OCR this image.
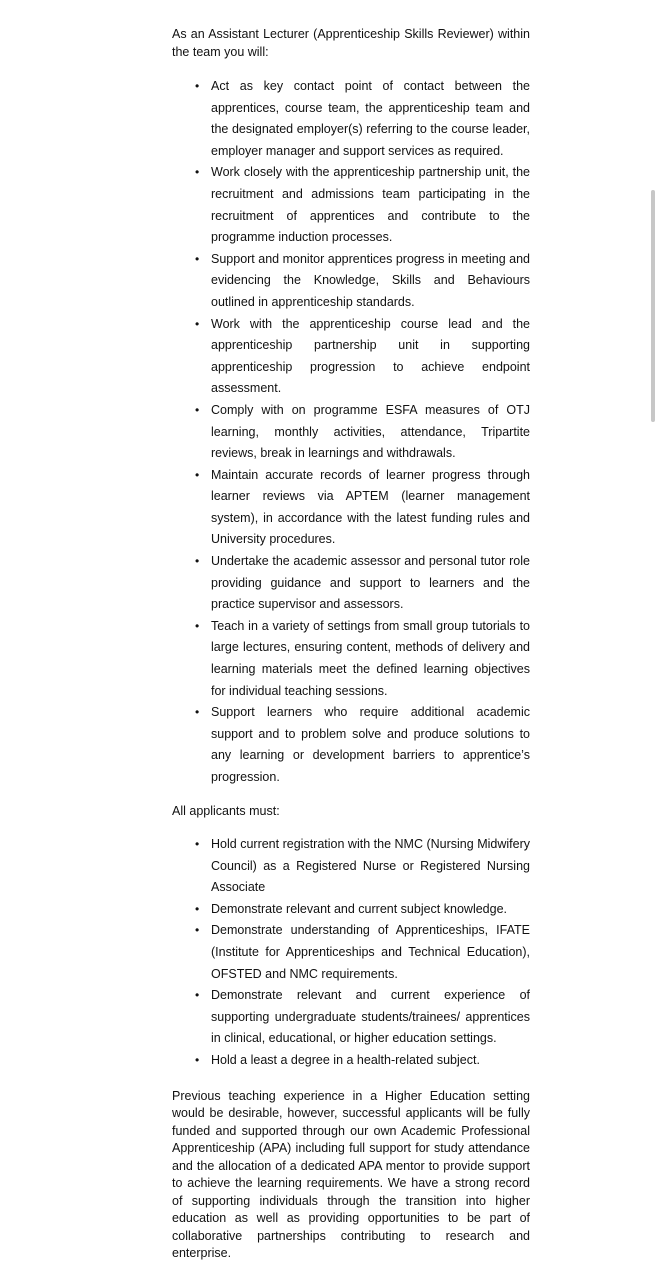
As an Assistant Lecturer (Apprenticeship Skills Reviewer) within the team you will:

• Act as key contact point of contact between the apprentices, course team, the apprenticeship team and the designated employer(s) referring to the course leader, employer manager and support services as required.
• Work closely with the apprenticeship partnership unit, the recruitment and admissions team participating in the recruitment of apprentices and contribute to the programme induction processes.
• Support and monitor apprentices progress in meeting and evidencing the Knowledge, Skills and Behaviours outlined in apprenticeship standards.
• Work with the apprenticeship course lead and the apprenticeship partnership unit in supporting apprenticeship progression to achieve endpoint assessment.
• Comply with on programme ESFA measures of OTJ learning, monthly activities, attendance, Tripartite reviews, break in learnings and withdrawals.
• Maintain accurate records of learner progress through learner reviews via APTEM (learner management system), in accordance with the latest funding rules and University procedures.
• Undertake the academic assessor and personal tutor role providing guidance and support to learners and the practice supervisor and assessors.
• Teach in a variety of settings from small group tutorials to large lectures, ensuring content, methods of delivery and learning materials meet the defined learning objectives for individual teaching sessions.
• Support learners who require additional academic support and to problem solve and produce solutions to any learning or development barriers to apprentice’s progression.

All applicants must:

• Hold current registration with the NMC (Nursing Midwifery Council) as a Registered Nurse or Registered Nursing Associate
• Demonstrate relevant and current subject knowledge.
• Demonstrate understanding of Apprenticeships, IFATE (Institute for Apprenticeships and Technical Education), OFSTED and NMC requirements.
• Demonstrate relevant and current experience of supporting undergraduate students/trainees/ apprentices in clinical, educational, or higher education settings.
• Hold a least a degree in a health-related subject.

Previous teaching experience in a Higher Education setting would be desirable, however, successful applicants will be fully funded and supported through our own Academic Professional Apprenticeship (APA) including full support for study attendance and the allocation of a dedicated APA mentor to provide support to achieve the learning requirements. We have a strong record of supporting individuals through the transition into higher education as well as providing opportunities to be part of collaborative partnerships contributing to research and enterprise.
